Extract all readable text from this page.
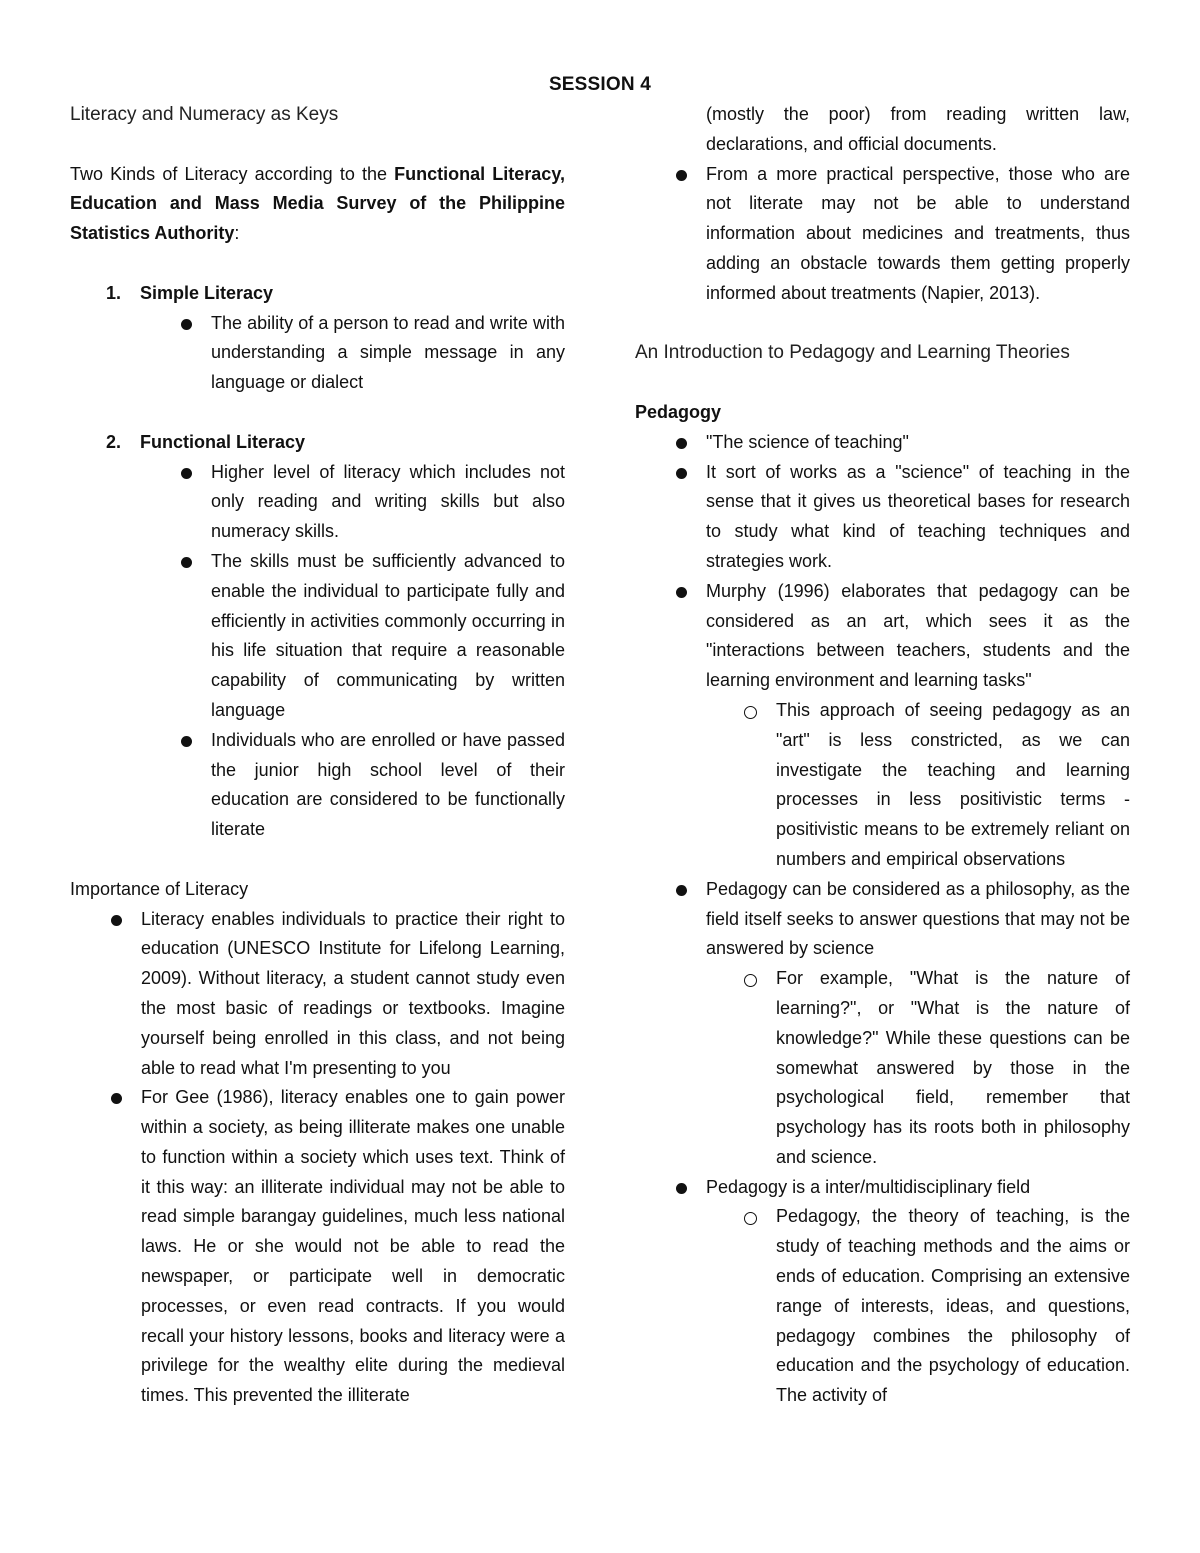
SESSION 4
Literacy and Numeracy as Keys
Two Kinds of Literacy according to the Functional Literacy, Education and Mass Media Survey of the Philippine Statistics Authority:
1. Simple Literacy
The ability of a person to read and write with understanding a simple message in any language or dialect
2. Functional Literacy
Higher level of literacy which includes not only reading and writing skills but also numeracy skills.
The skills must be sufficiently advanced to enable the individual to participate fully and efficiently in activities commonly occurring in his life situation that require a reasonable capability of communicating by written language
Individuals who are enrolled or have passed the junior high school level of their education are considered to be functionally literate
Importance of Literacy
Literacy enables individuals to practice their right to education (UNESCO Institute for Lifelong Learning, 2009). Without literacy, a student cannot study even the most basic of readings or textbooks. Imagine yourself being enrolled in this class, and not being able to read what I'm presenting to you
For Gee (1986), literacy enables one to gain power within a society, as being illiterate makes one unable to function within a society which uses text. Think of it this way: an illiterate individual may not be able to read simple barangay guidelines, much less national laws. He or she would not be able to read the newspaper, or participate well in democratic processes, or even read contracts. If you would recall your history lessons, books and literacy were a privilege for the wealthy elite during the medieval times. This prevented the illiterate
(mostly the poor) from reading written law, declarations, and official documents.
From a more practical perspective, those who are not literate may not be able to understand information about medicines and treatments, thus adding an obstacle towards them getting properly informed about treatments (Napier, 2013).
An Introduction to Pedagogy and Learning Theories
Pedagogy
"The science of teaching"
It sort of works as a "science" of teaching in the sense that it gives us theoretical bases for research to study what kind of teaching techniques and strategies work.
Murphy (1996) elaborates that pedagogy can be considered as an art, which sees it as the "interactions between teachers, students and the learning environment and learning tasks"
This approach of seeing pedagogy as an "art" is less constricted, as we can investigate the teaching and learning processes in less positivistic terms - positivistic means to be extremely reliant on numbers and empirical observations
Pedagogy can be considered as a philosophy, as the field itself seeks to answer questions that may not be answered by science
For example, "What is the nature of learning?", or "What is the nature of knowledge?" While these questions can be somewhat answered by those in the psychological field, remember that psychology has its roots both in philosophy and science.
Pedagogy is a inter/multidisciplinary field
Pedagogy, the theory of teaching, is the study of teaching methods and the aims or ends of education. Comprising an extensive range of interests, ideas, and questions, pedagogy combines the philosophy of education and the psychology of education. The activity of
